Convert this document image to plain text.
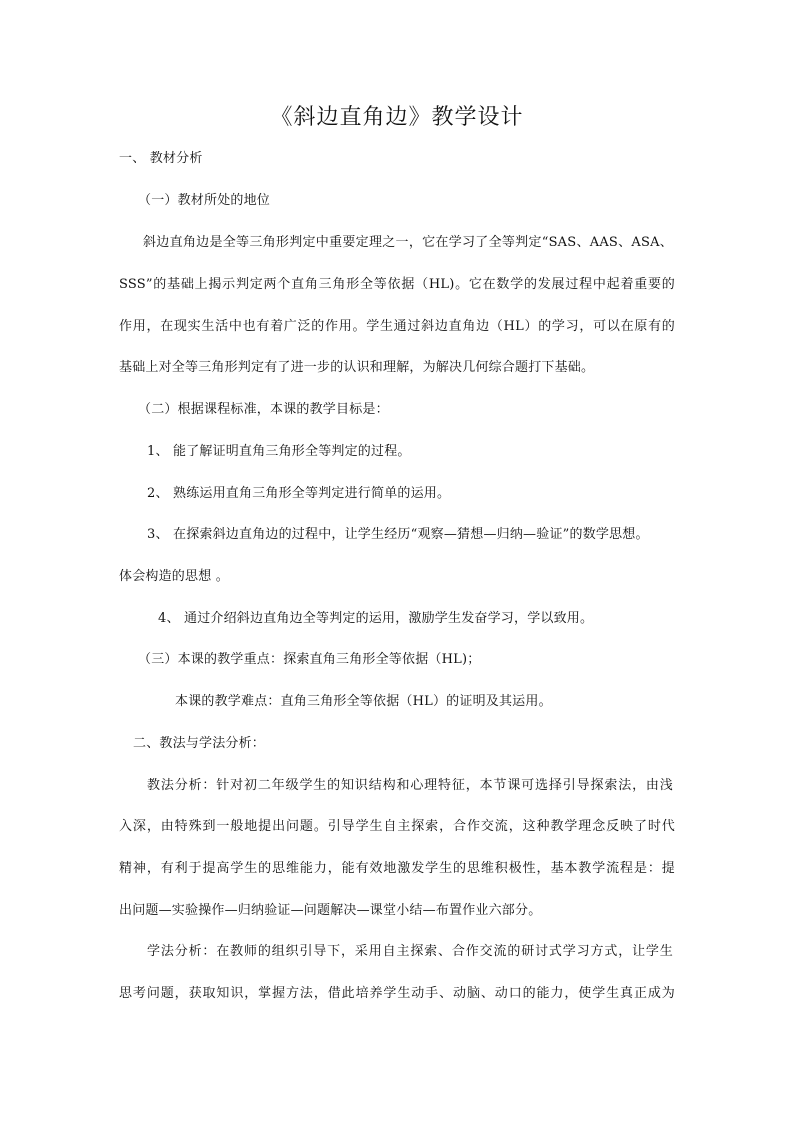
《斜边直角边》教学设计
一、 教材分析
（一）教材所处的地位
斜边直角边是全等三角形判定中重要定理之一，它在学习了全等判定“SAS、AAS、ASA、
SSS”的基础上揭示判定两个直角三角形全等依据（HL)。它在数学的发展过程中起着重要的
作用，在现实生活中也有着广泛的作用。学生通过斜边直角边（HL）的学习，可以在原有的
基础上对全等三角形判定有了进一步的认识和理解，为解决几何综合题打下基础。
（二）根据课程标准，本课的教学目标是：
1、 能了解证明直角三角形全等判定的过程。
2、 熟练运用直角三角形全等判定进行简单的运用。
3、 在探索斜边直角边的过程中，让学生经历“观察—猜想—归纳—验证”的数学思想。
体会构造的思想 。
4、 通过介绍斜边直角边全等判定的运用，激励学生发奋学习，学以致用。
（三）本课的教学重点：探索直角三角形全等依据（HL)；
本课的教学难点：直角三角形全等依据（HL）的证明及其运用。
二、教法与学法分析：
教法分析：针对初二年级学生的知识结构和心理特征，本节课可选择引导探索法，由浅
入深，由特殊到一般地提出问题。引导学生自主探索，合作交流，这种教学理念反映了时代
精神，有利于提高学生的思维能力，能有效地激发学生的思维积极性，基本教学流程是：提
出问题—实验操作—归纳验证—问题解决—课堂小结—布置作业六部分。
学法分析：在教师的组织引导下，采用自主探索、合作交流的研讨式学习方式，让学生
思考问题，获取知识，掌握方法，借此培养学生动手、动脑、动口的能力，使学生真正成为
